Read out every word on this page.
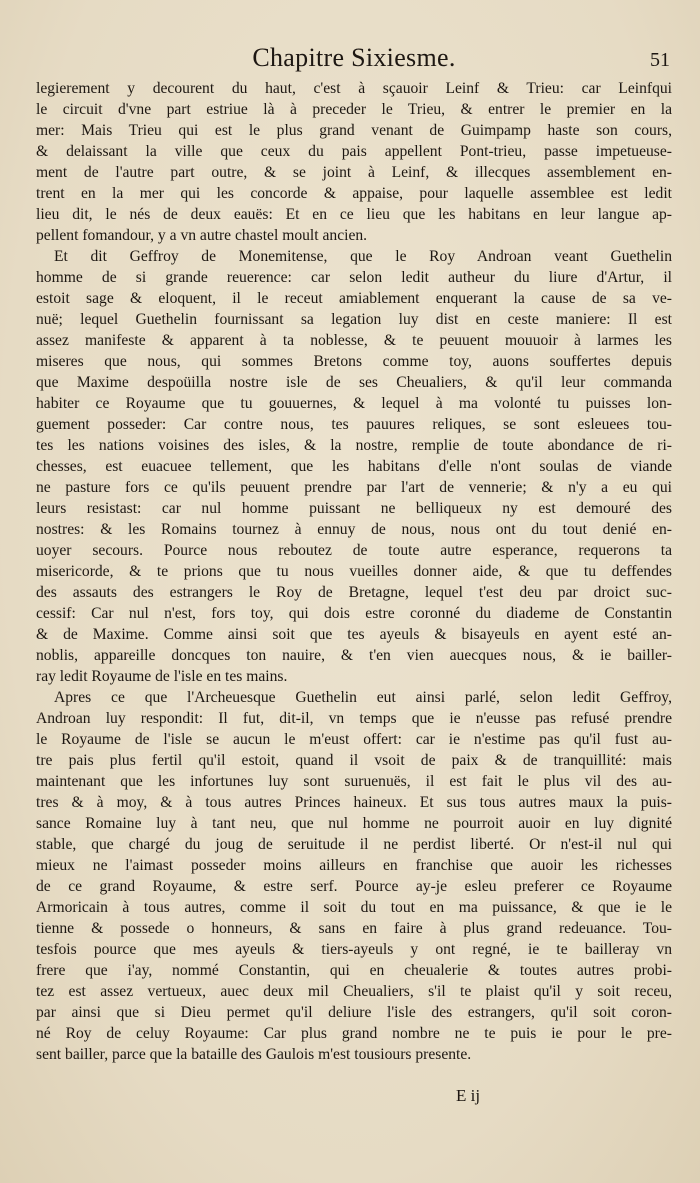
Chapitre Sixiesme.	51
legierement y decourent du haut, c'est à sçauoir Leinf & Trieu: car Leinfqui
le circuit d'vne part estriue là à preceder le Trieu, & entrer le premier en la
mer: Mais Trieu qui est le plus grand venant de Guimpamp haste son cours,
& delaissant la ville que ceux du pais appellent Pont-trieu, passe impetueuse-
ment de l'autre part outre, & se joint à Leinf, & illecques assemblement en-
trent en la mer qui les concorde & appaise, pour laquelle assemblee est ledit
lieu dit, le nés de deux eauës: Et en ce lieu que les habitans en leur langue ap-
pellent fomandour, y a vn autre chastel moult ancien.
Et dit Geffroy de Monemitense, que le Roy Androan veant Guethelin
homme de si grande reuerence: car selon ledit autheur du liure d'Artur, il
estoit sage & eloquent, il le receut amiablement enquerant la cause de sa ve-
nuë; lequel Guethelin fournissant sa legation luy dist en ceste maniere: Il est
assez manifeste & apparent à ta noblesse, & te peuuent mouuoir à larmes les
miseres que nous, qui sommes Bretons comme toy, auons souffertes depuis
que Maxime despoüilla nostre isle de ses Cheualiers, & qu'il leur commanda
habiter ce Royaume que tu gouuernes, & lequel à ma volonté tu puisses lon-
guement posseder: Car contre nous, tes pauures reliques, se sont esleuees tou-
tes les nations voisines des isles, & la nostre, remplie de toute abondance de ri-
chesses, est euacuee tellement, que les habitans d'elle n'ont soulas de viande
ne pasture fors ce qu'ils peuuent prendre par l'art de vennerie; & n'y a eu qui
leurs resistast: car nul homme puissant ne belliqueux ny est demouré des
nostres: & les Romains tournez à ennuy de nous, nous ont du tout denié en-
uoyer secours. Pource nous reboutez de toute autre esperance, requerons ta
misericorde, & te prions que tu nous vueilles donner aide, & que tu deffendes
des assauts des estrangers le Roy de Bretagne, lequel t'est deu par droict suc-
cessif: Car nul n'est, fors toy, qui dois estre coronné du diademe de Constantin
& de Maxime. Comme ainsi soit que tes ayeuls & bisayeuls en ayent esté an-
noblis, appareille doncques ton nauire, & t'en vien auecques nous, & ie bailler-
ray ledit Royaume de l'isle en tes mains.
Apres ce que l'Archeuesque Guethelin eut ainsi parlé, selon ledit Geffroy,
Androan luy respondit: Il fut, dit-il, vn temps que ie n'eusse pas refusé prendre
le Royaume de l'isle se aucun le m'eust offert: car ie n'estime pas qu'il fust au-
tre pais plus fertil qu'il estoit, quand il vsoit de paix & de tranquillité: mais
maintenant que les infortunes luy sont suruenuës, il est fait le plus vil des au-
tres & à moy, & à tous autres Princes haineux. Et sus tous autres maux la puis-
sance Romaine luy à tant neu, que nul homme ne pourroit auoir en luy dignité
stable, que chargé du joug de seruitude il ne perdist liberté. Or n'est-il nul qui
mieux ne l'aimast posseder moins ailleurs en franchise que auoir les richesses
de ce grand Royaume, & estre serf. Pource ay-je esleu preferer ce Royaume
Armoricain à tous autres, comme il soit du tout en ma puissance, & que ie le
tienne & possede o honneurs, & sans en faire à plus grand redeuance. Tou-
tesfois pource que mes ayeuls & tiers-ayeuls y ont regné, ie te bailleray vn
frere que i'ay, nommé Constantin, qui en cheualerie & toutes autres probi-
tez est assez vertueux, auec deux mil Cheualiers, s'il te plaist qu'il y soit receu,
par ainsi que si Dieu permet qu'il deliure l'isle des estrangers, qu'il soit coron-
né Roy de celuy Royaume: Car plus grand nombre ne te puis ie pour le pre-
sent bailler, parce que la bataille des Gaulois m'est tousiours presente.
E ij
